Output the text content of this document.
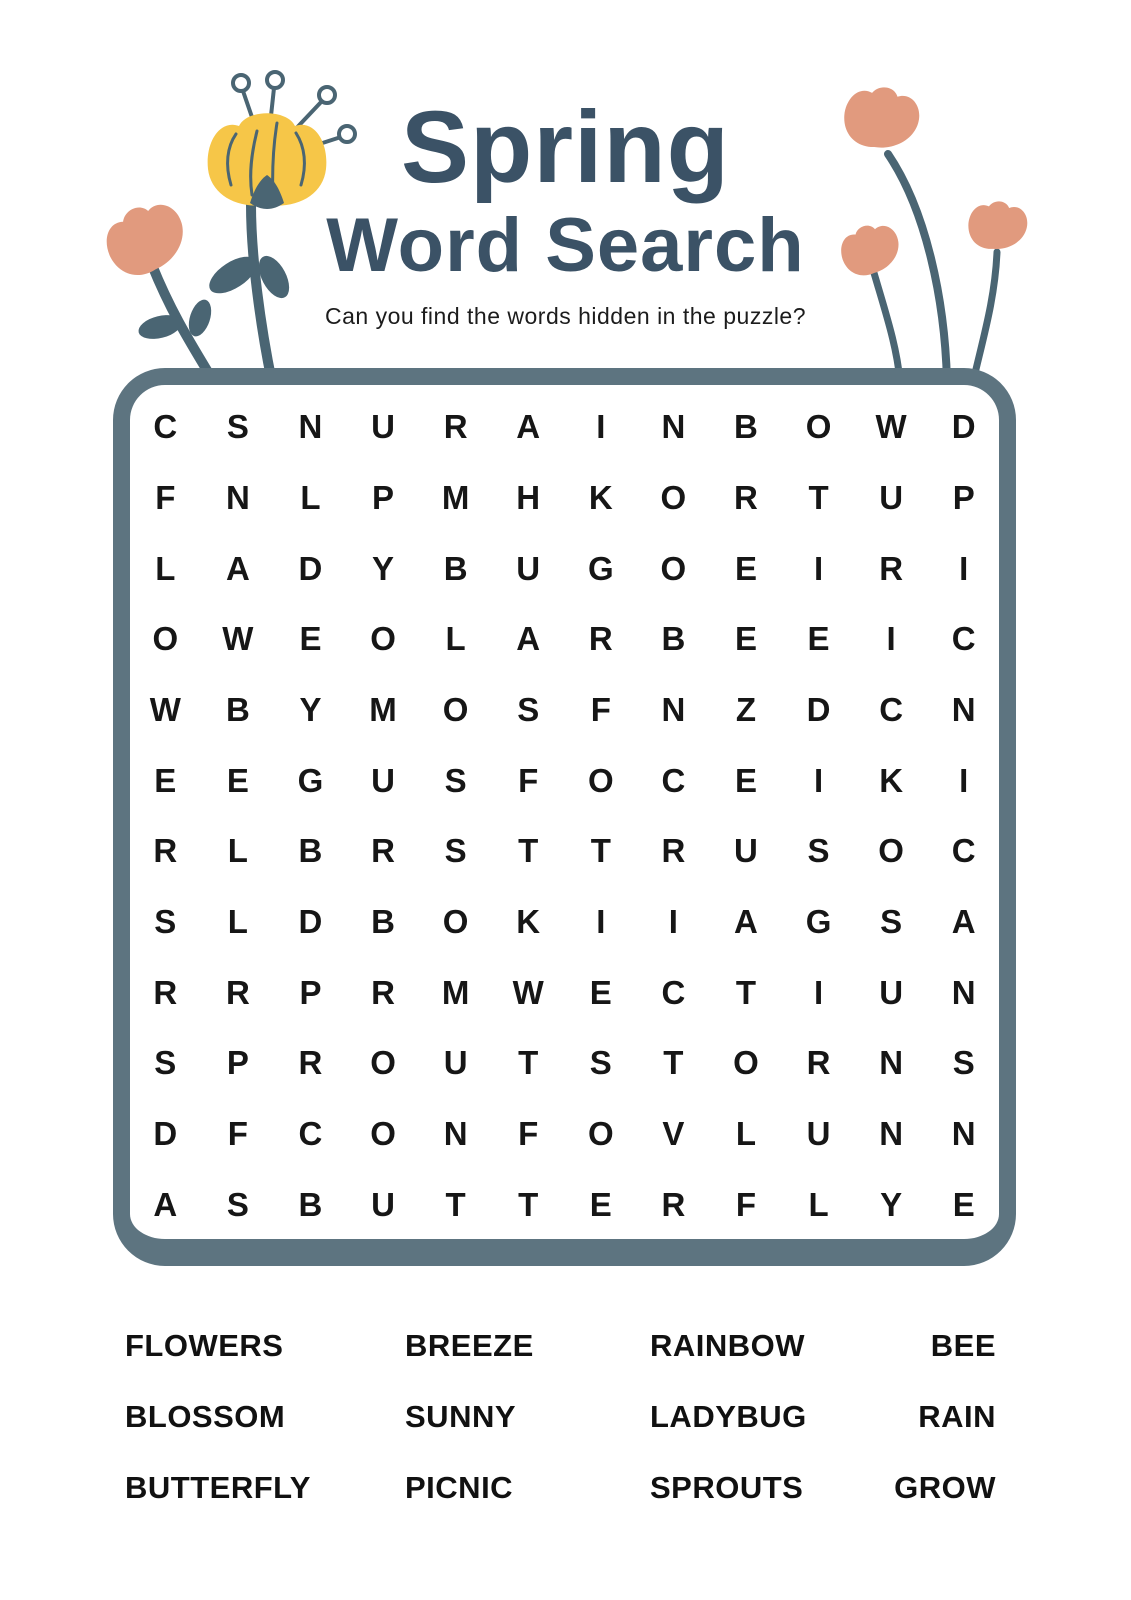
Spring
Word Search

Can you find the words hidden in the puzzle?

C	S	N	U	R	A	I	N	B	O	W	D
F	N	L	P	M	H	K	O	R	T	U	P
L	A	D	Y	B	U	G	O	E	I	R	I
O	W	E	O	L	A	R	B	E	E	I	C
W	B	Y	M	O	S	F	N	Z	D	C	N
E	E	G	U	S	F	O	C	E	I	K	I
R	L	B	R	S	T	T	R	U	S	O	C
S	L	D	B	O	K	I	I	A	G	S	A
R	R	P	R	M	W	E	C	T	I	U	N
S	P	R	O	U	T	S	T	O	R	N	S
D	F	C	O	N	F	O	V	L	U	N	N
A	S	B	U	T	T	E	R	F	L	Y	E
FLOWERS
BLOSSOM
BUTTERFLY
BREEZE
SUNNY
PICNIC
RAINBOW
LADYBUG
SPROUTS
BEE
RAIN
GROW
